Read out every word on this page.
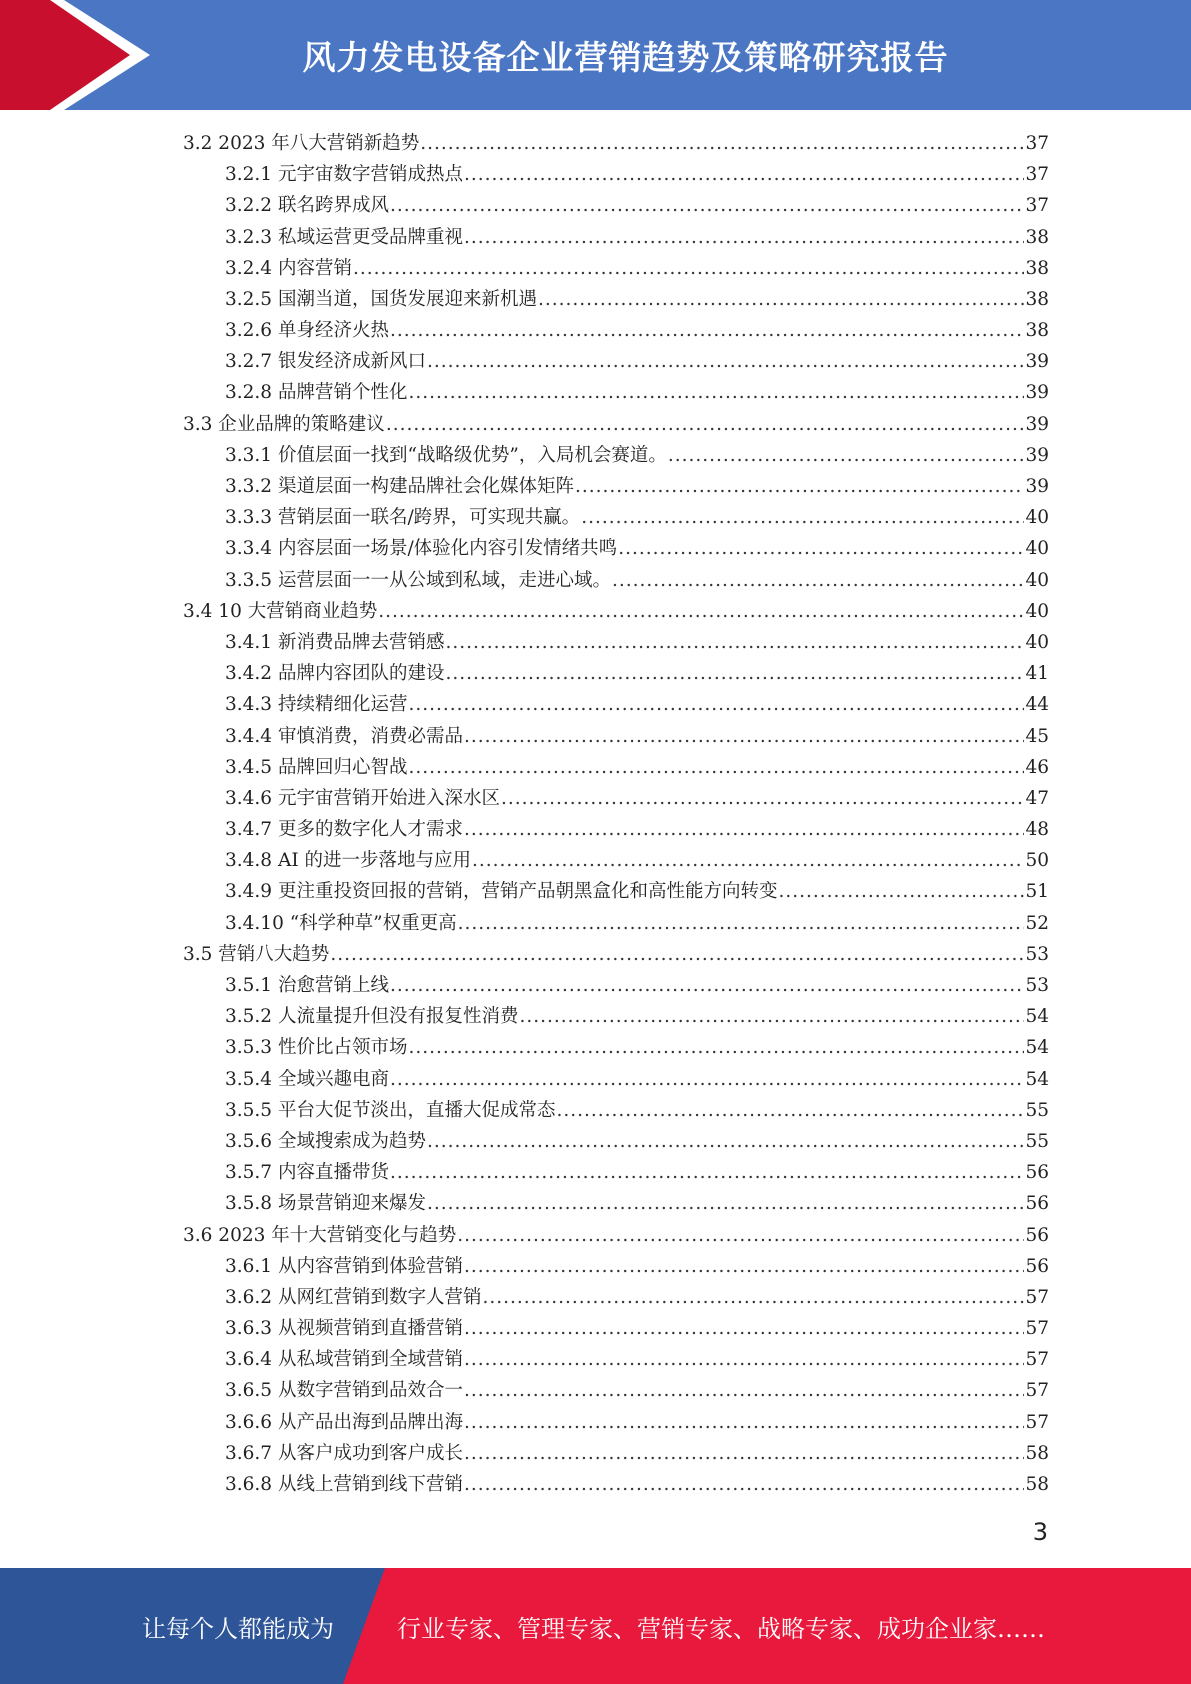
风力发电设备企业营销趋势及策略研究报告
3.2 2023 年八大营销新趋势 .....	37
3.2.1 元宇宙数字营销成热点 .....	37
3.2.2 联名跨界成风 .....	37
3.2.3 私域运营更受品牌重视 .....	38
3.2.4 内容营销 .....	38
3.2.5 国潮当道，国货发展迎来新机遇 .....	38
3.2.6 单身经济火热 .....	38
3.2.7 银发经济成新风口 .....	39
3.2.8 品牌营销个性化 .....	39
3.3 企业品牌的策略建议 .....	39
3.3.1 价值层面一找到“战略级优势”，入局机会赛道。 .....	39
3.3.2 渠道层面一构建品牌社会化媒体矩阵 .....	39
3.3.3 营销层面一联名/跨界，可实现共赢。 .....	40
3.3.4 内容层面一场景/体验化内容引发情绪共鸣 .....	40
3.3.5 运营层面一一从公域到私域，走进心域。 .....	40
3.4 10 大营销商业趋势 .....	40
3.4.1 新消费品牌去营销感 .....	40
3.4.2 品牌内容团队的建设 .....	41
3.4.3 持续精细化运营 .....	44
3.4.4 审慎消费，消费必需品 .....	45
3.4.5 品牌回归心智战 .....	46
3.4.6 元宇宙营销开始进入深水区 .....	47
3.4.7 更多的数字化人才需求 .....	48
3.4.8 AI 的进一步落地与应用 .....	50
3.4.9 更注重投资回报的营销，营销产品朝黑盒化和高性能方向转变 .....	51
3.4.10 “科学种草”权重更高 .....	52
3.5 营销八大趋势 .....	53
3.5.1 治愈营销上线 .....	53
3.5.2 人流量提升但没有报复性消费 .....	54
3.5.3 性价比占领市场 .....	54
3.5.4 全域兴趣电商 .....	54
3.5.5 平台大促节淡出，直播大促成常态 .....	55
3.5.6 全域搜索成为趋势 .....	55
3.5.7 内容直播带货 .....	56
3.5.8 场景营销迎来爆发 .....	56
3.6 2023 年十大营销变化与趋势 .....	56
3.6.1 从内容营销到体验营销 .....	56
3.6.2 从网红营销到数字人营销 .....	57
3.6.3 从视频营销到直播营销 .....	57
3.6.4 从私域营销到全域营销 .....	57
3.6.5 从数字营销到品效合一 .....	57
3.6.6 从产品出海到品牌出海 .....	57
3.6.7 从客户成功到客户成长 .....	58
3.6.8 从线上营销到线下营销 .....	58
3
让每个人都能成为	行业专家、管理专家、营销专家、战略专家、成功企业家……
